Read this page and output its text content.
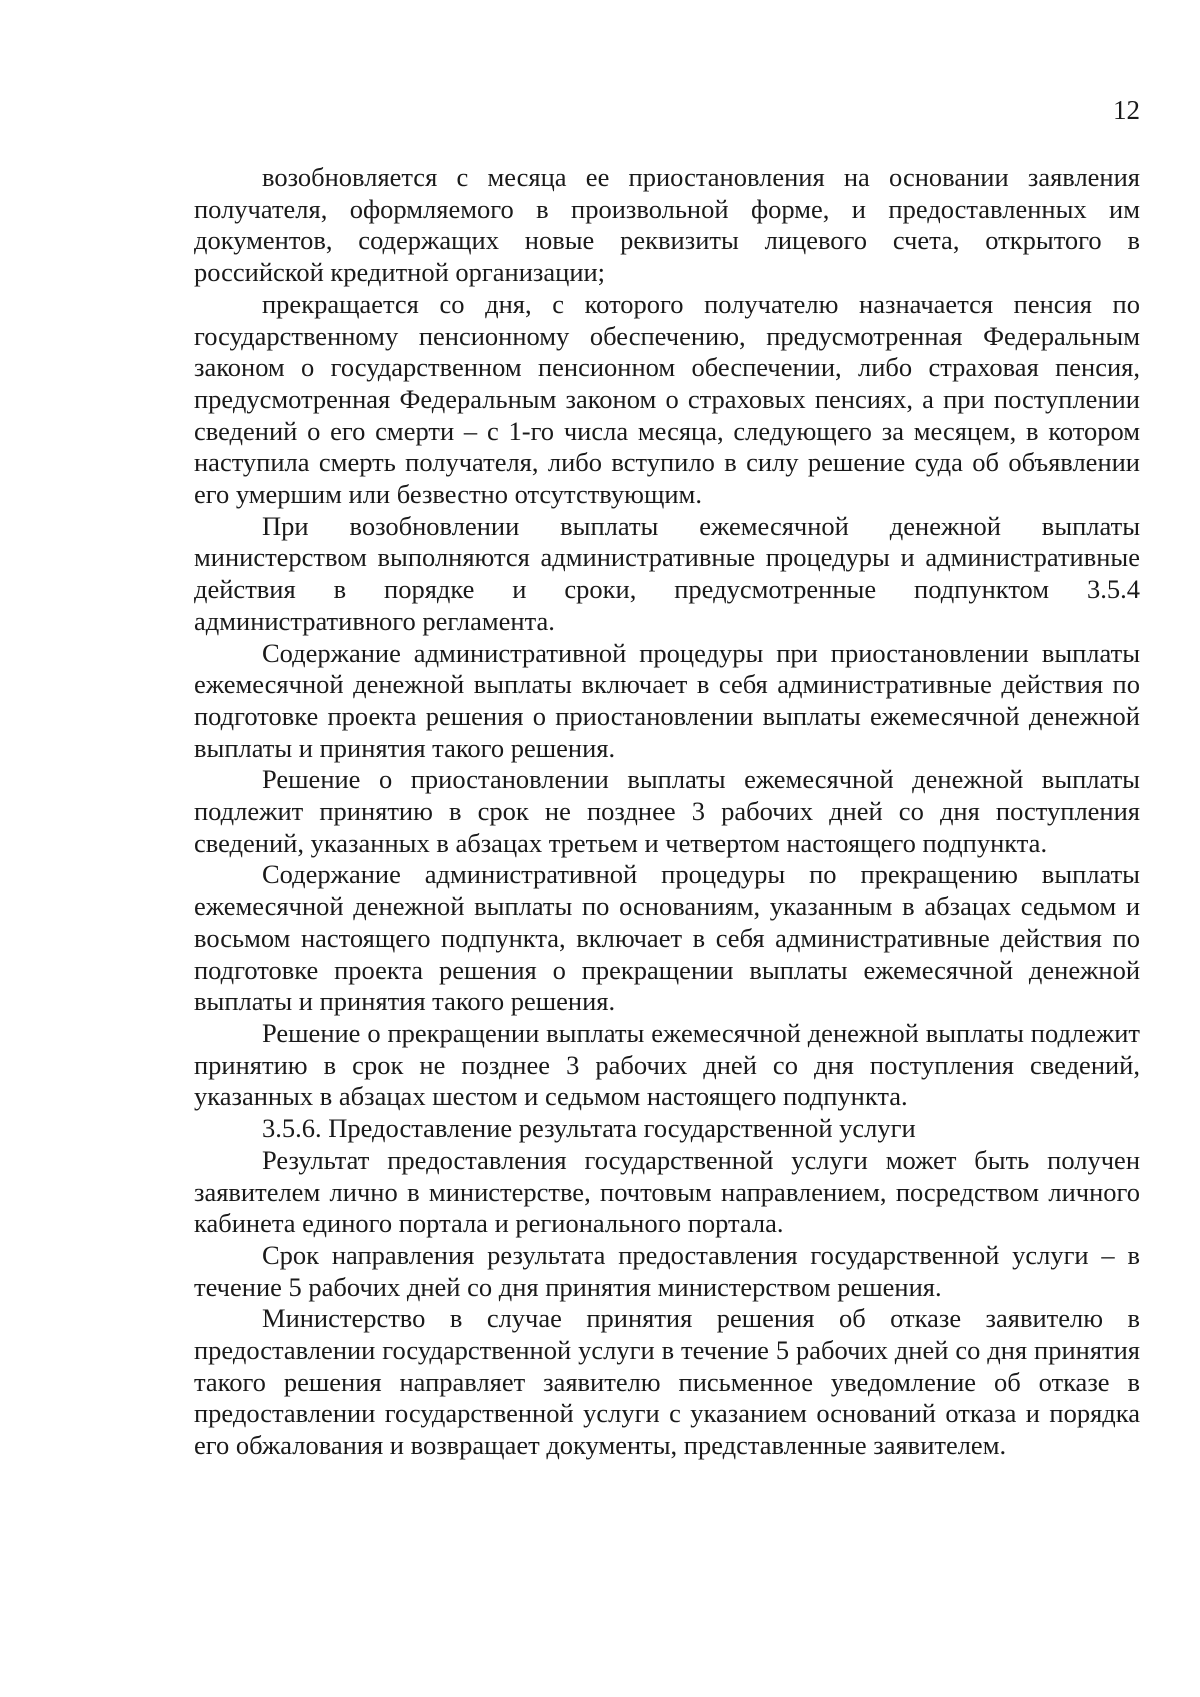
12

возобновляется с месяца ее приостановления на основании заявления получателя, оформляемого в произвольной форме, и предоставленных им документов, содержащих новые реквизиты лицевого счета, открытого в российской кредитной организации;

прекращается со дня, с которого получателю назначается пенсия по государственному пенсионному обеспечению, предусмотренная Федеральным законом о государственном пенсионном обеспечении, либо страховая пенсия, предусмотренная Федеральным законом о страховых пенсиях, а при поступлении сведений о его смерти – с 1-го числа месяца, следующего за месяцем, в котором наступила смерть получателя, либо вступило в силу решение суда об объявлении его умершим или безвестно отсутствующим.

При возобновлении выплаты ежемесячной денежной выплаты министерством выполняются административные процедуры и административные действия в порядке и сроки, предусмотренные подпунктом 3.5.4 административного регламента.

Содержание административной процедуры при приостановлении выплаты ежемесячной денежной выплаты включает в себя административные действия по подготовке проекта решения о приостановлении выплаты ежемесячной денежной выплаты и принятия такого решения.

Решение о приостановлении выплаты ежемесячной денежной выплаты подлежит принятию в срок не позднее 3 рабочих дней со дня поступления сведений, указанных в абзацах третьем и четвертом настоящего подпункта.

Содержание административной процедуры по прекращению выплаты ежемесячной денежной выплаты по основаниям, указанным в абзацах седьмом и восьмом настоящего подпункта, включает в себя административные действия по подготовке проекта решения о прекращении выплаты ежемесячной денежной выплаты и принятия такого решения.

Решение о прекращении выплаты ежемесячной денежной выплаты подлежит принятию в срок не позднее 3 рабочих дней со дня поступления сведений, указанных в абзацах шестом и седьмом настоящего подпункта.

3.5.6. Предоставление результата государственной услуги

Результат предоставления государственной услуги может быть получен заявителем лично в министерстве, почтовым направлением, посредством личного кабинета единого портала и регионального портала.

Срок направления результата предоставления государственной услуги – в течение 5 рабочих дней со дня принятия министерством решения.

Министерство в случае принятия решения об отказе заявителю в предоставлении государственной услуги в течение 5 рабочих дней со дня принятия такого решения направляет заявителю письменное уведомление об отказе в предоставлении государственной услуги с указанием оснований отказа и порядка его обжалования и возвращает документы, представленные заявителем.
